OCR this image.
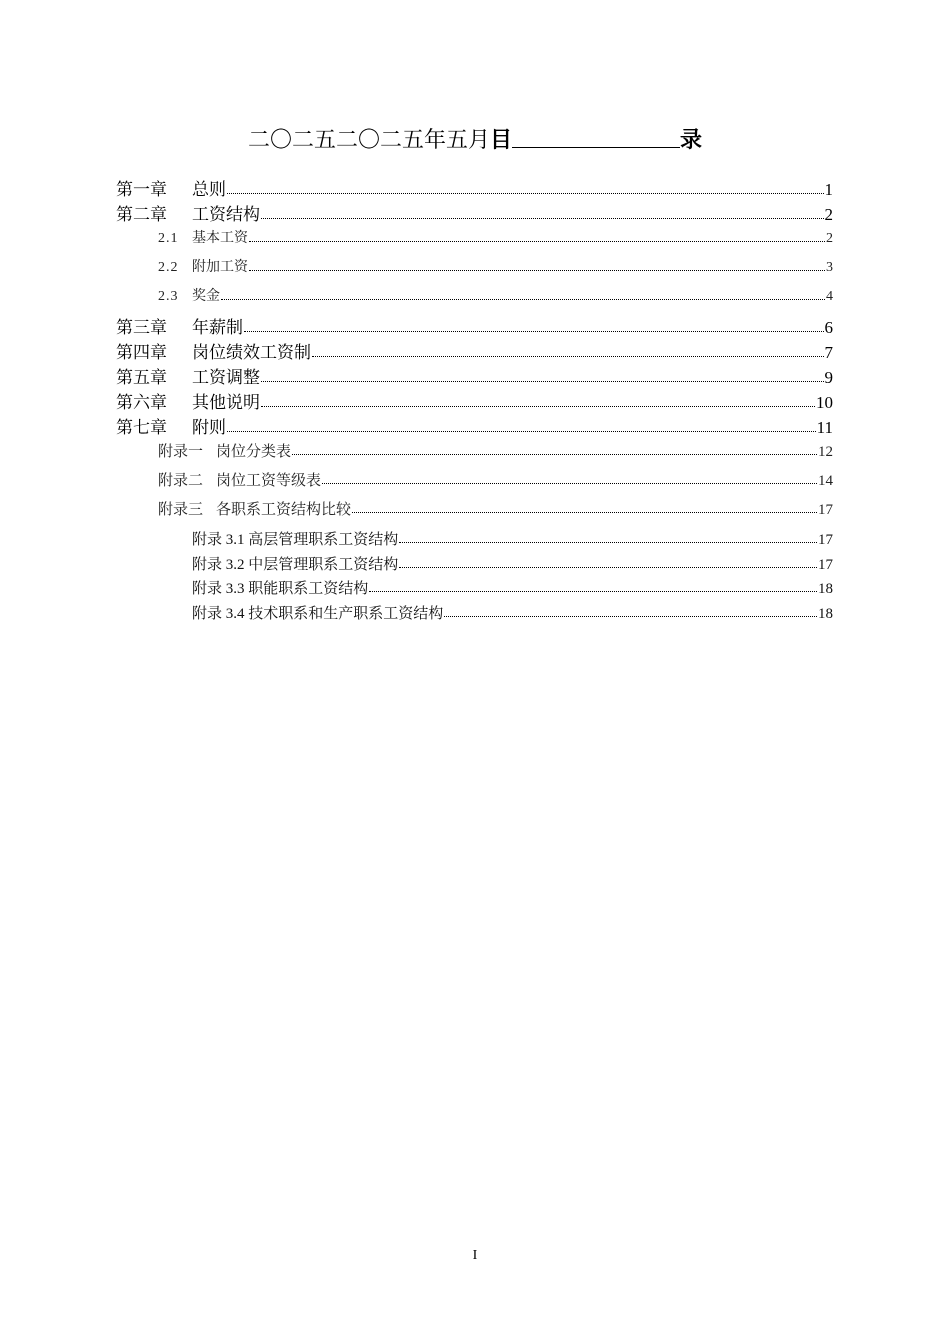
二〇二五二〇二五年五月 目	录
第一章	总则	1
第二章	工资结构	2
2.1 基本工资	2
2.2 附加工资	3
2.3 奖金	4
第三章	年薪制	6
第四章	岗位绩效工资制	7
第五章	工资调整	9
第六章	其他说明	10
第七章	附则	11
附录一 岗位分类表	12
附录二 岗位工资等级表	14
附录三 各职系工资结构比较	17
附录 3.1 高层管理职系工资结构	17
附录 3.2 中层管理职系工资结构	17
附录 3.3 职能职系工资结构	18
附录 3.4 技术职系和生产职系工资结构	18
I
